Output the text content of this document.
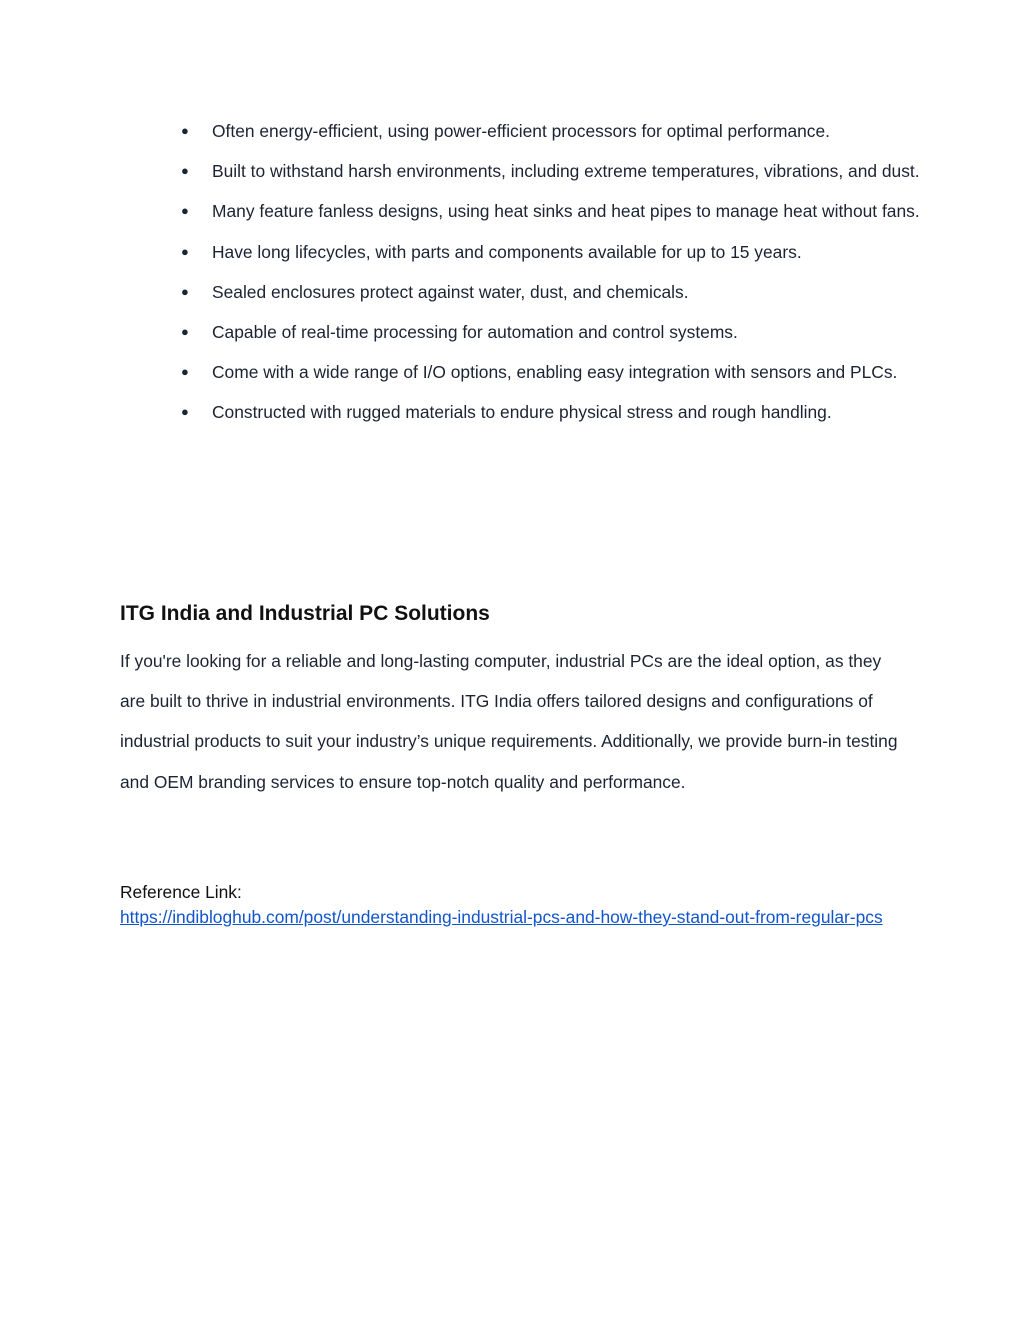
● Often energy-efficient, using power-efficient processors for optimal performance.
● Built to withstand harsh environments, including extreme temperatures, vibrations, and dust.
● Many feature fanless designs, using heat sinks and heat pipes to manage heat without fans.
● Have long lifecycles, with parts and components available for up to 15 years.
● Sealed enclosures protect against water, dust, and chemicals.
● Capable of real-time processing for automation and control systems.
● Come with a wide range of I/O options, enabling easy integration with sensors and PLCs.
● Constructed with rugged materials to endure physical stress and rough handling.
ITG India and Industrial PC Solutions

If you're looking for a reliable and long-lasting computer, industrial PCs are the ideal option, as they are built to thrive in industrial environments. ITG India offers tailored designs and configurations of industrial products to suit your industry’s unique requirements. Additionally, we provide burn-in testing and OEM branding services to ensure top-notch quality and performance.

Reference Link:
https://indibloghub.com/post/understanding-industrial-pcs-and-how-they-stand-out-from-regular-pcs
